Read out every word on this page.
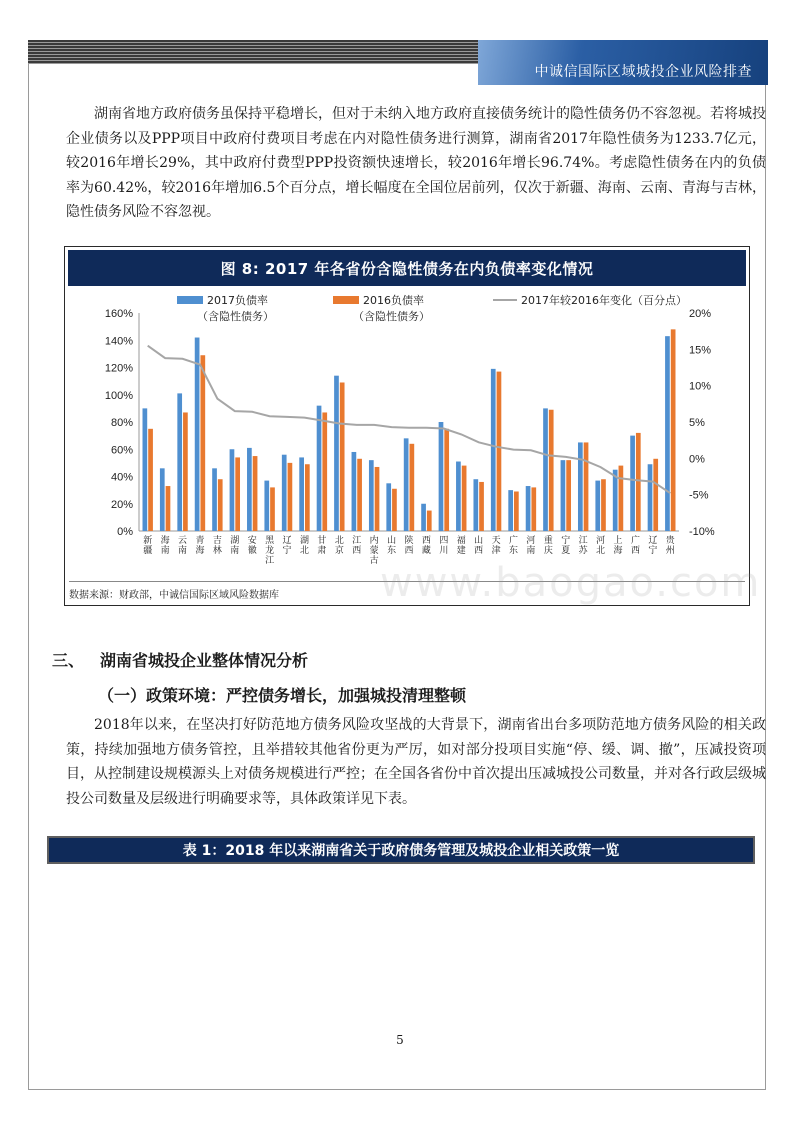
中诚信国际区域城投企业风险排查

湖南省地方政府债务虽保持平稳增长，但对于未纳入地方政府直接债务统计的隐性债务仍不容忽视。若将城投企业债务以及PPP项目中政府付费项目考虑在内对隐性债务进行测算，湖南省2017年隐性债务为1233.7亿元，较2016年增长29%，其中政府付费型PPP投资额快速增长，较2016年增长96.74%。考虑隐性债务在内的负债率为60.42%，较2016年增加6.5个百分点，增长幅度在全国位居前列，仅次于新疆、海南、云南、青海与吉林，隐性债务风险不容忽视。

图 8: 2017 年各省份含隐性债务在内负债率变化情况
0%
20%
40%
60%
80%
100%
120%
140%
160%
-10%
-5%
0%
5%
10%
15%
20%
新疆
海南
云南
青海
吉林
湖南
安徽
黑龙江
辽宁
湖北
甘肃
北京
江西
内蒙古
山东
陕西
西藏
四川
福建
山西
天津
广东
河南
重庆
宁夏
江苏
河北
上海
广西
辽宁
贵州
2017负债率
（含隐性债务）
2016负债率
（含隐性债务）
2017年较2016年变化（百分点）
数据来源：财政部，中诚信国际区域风险数据库	www.baogao.com
三、 湖南省城投企业整体情况分析
（一）政策环境：严控债务增长，加强城投清理整顿

2018年以来，在坚决打好防范地方债务风险攻坚战的大背景下，湖南省出台多项防范地方债务风险的相关政策，持续加强地方债务管控，且举措较其他省份更为严厉，如对部分投项目实施“停、缓、调、撤”，压减投资项目，从控制建设规模源头上对债务规模进行严控；在全国各省份中首次提出压减城投公司数量，并对各行政层级城投公司数量及层级进行明确要求等，具体政策详见下表。

表 1：2018 年以来湖南省关于政府债务管理及城投企业相关政策一览
5
